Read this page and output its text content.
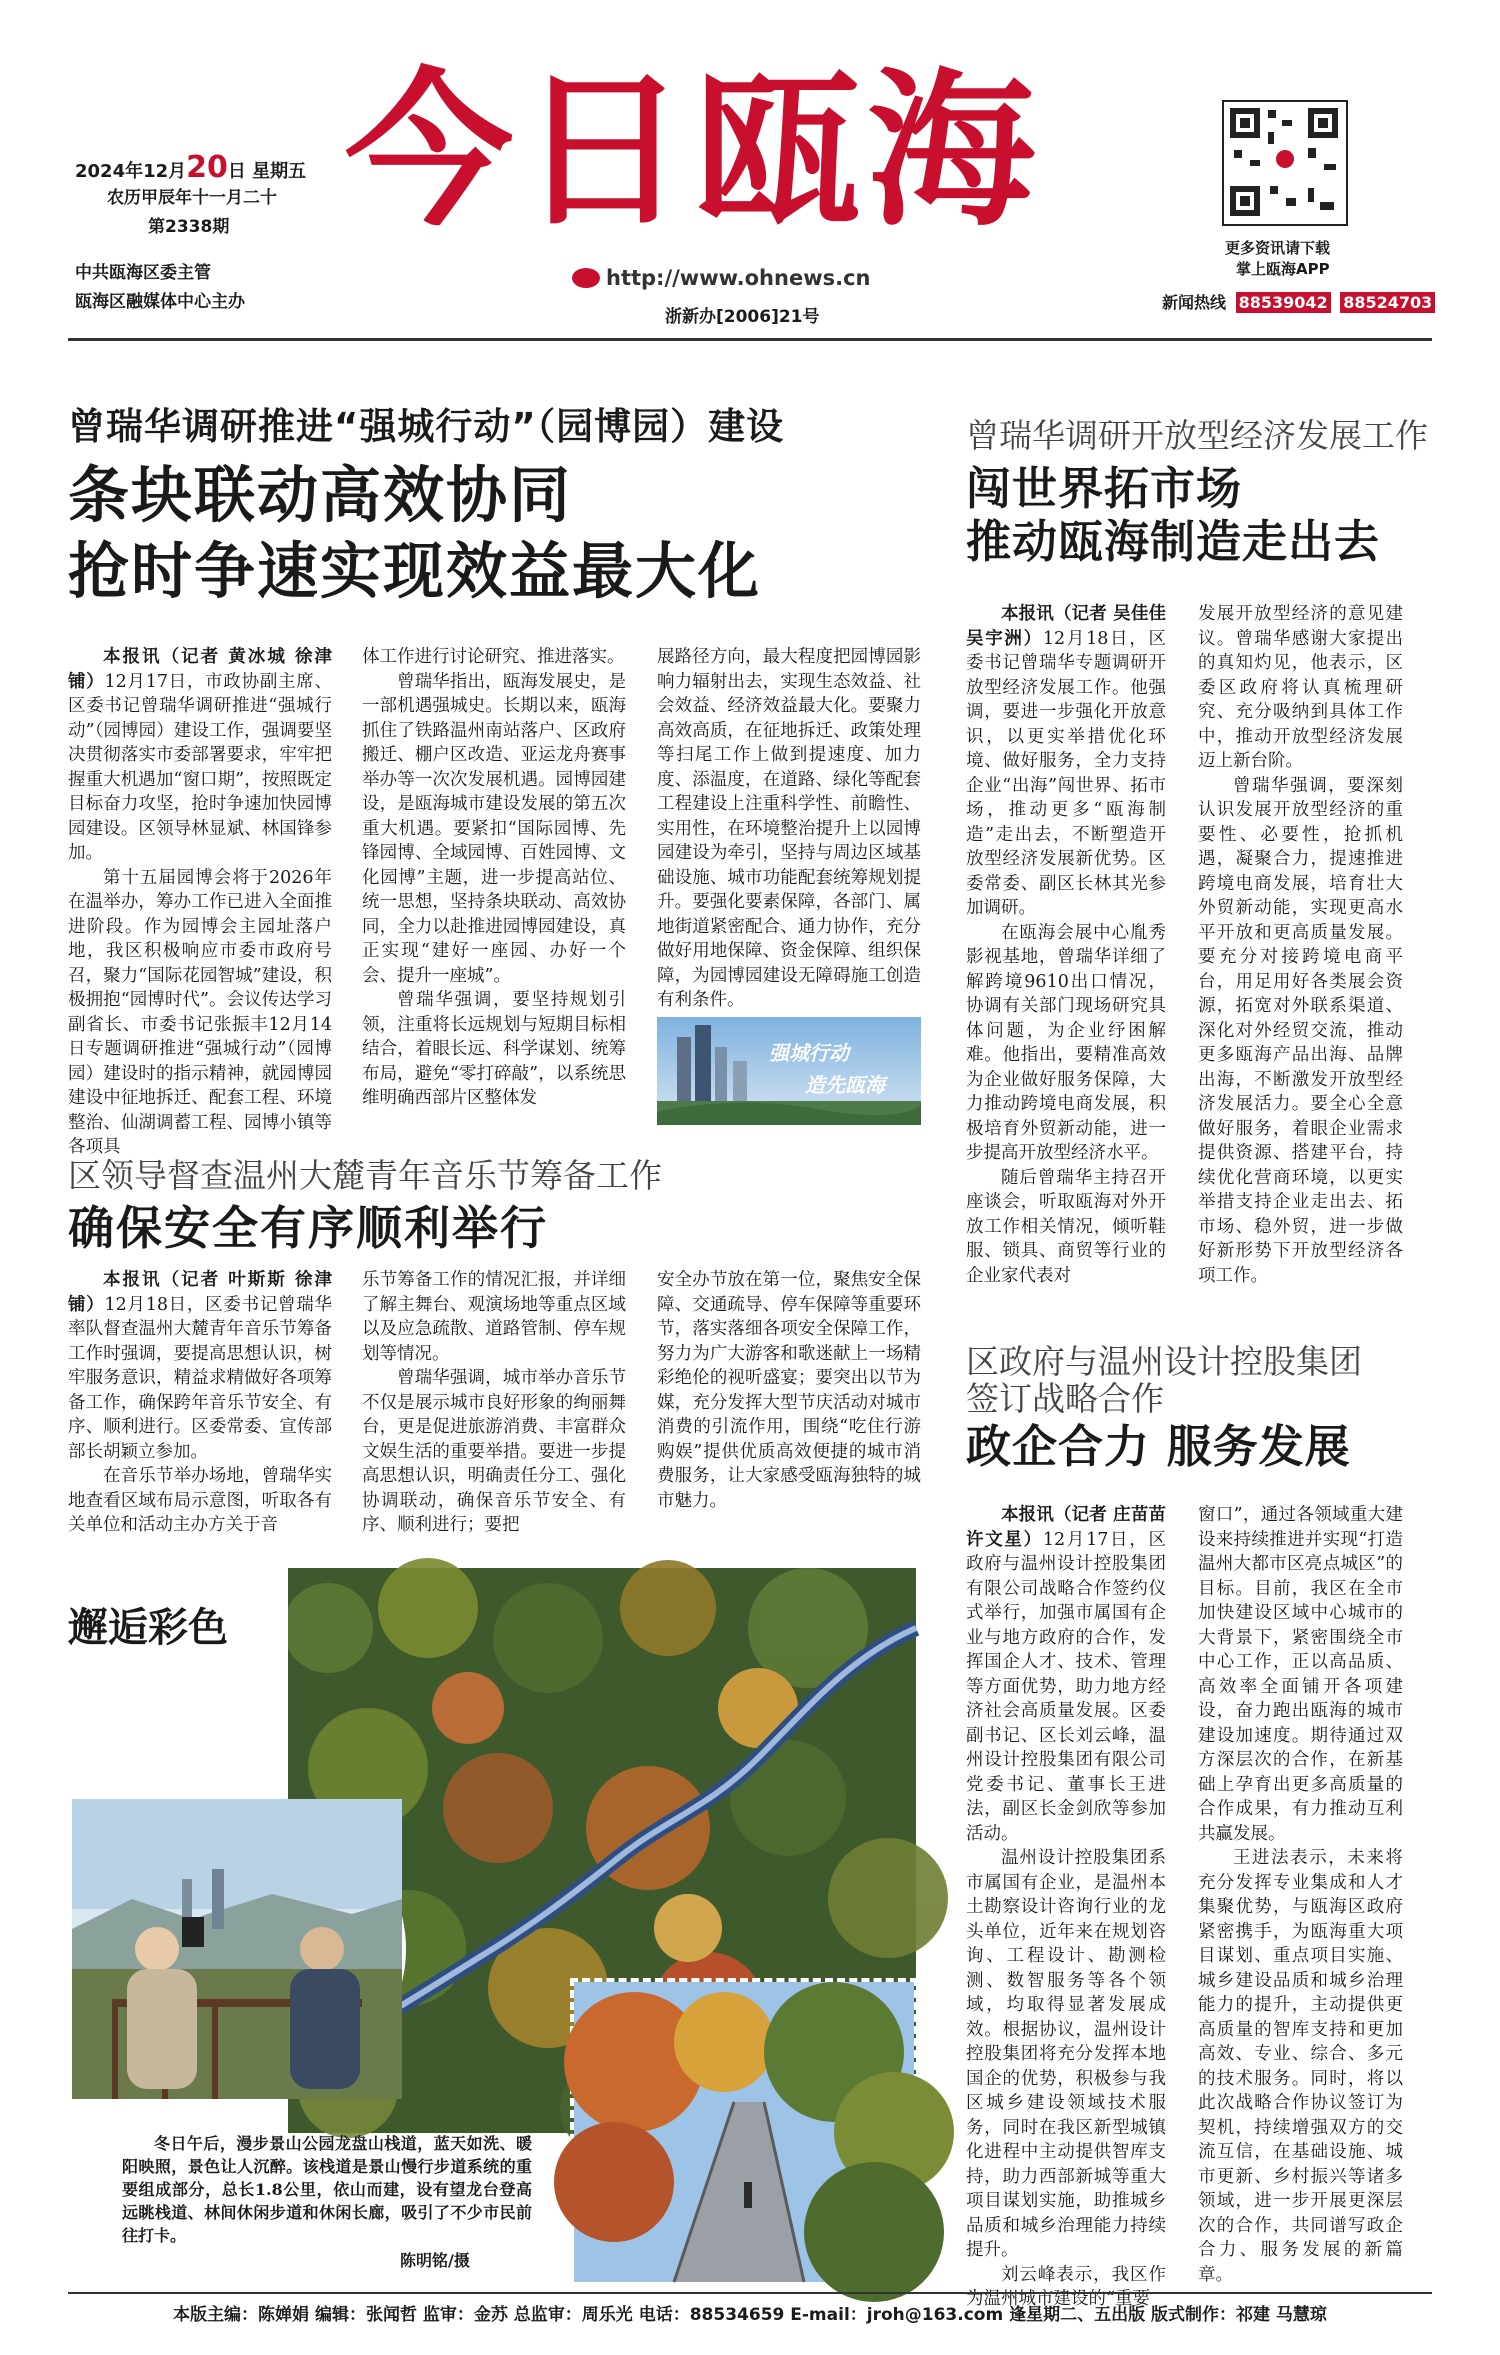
2024年12月20日 星期五
农历甲辰年十一月二十
第2338期
中共瓯海区委主管
瓯海区融媒体中心主办
今日瓯海
http://www.ohnews.cn
浙新办[2006]21号
更多资讯请下载
掌上瓯海APP
新闻热线 88539042 88524703
曾瑞华调研推进“强城行动”（园博园）建设
条块联动高效协同
抢时争速实现效益最大化

本报讯（记者 黄冰城 徐津铺）12月17日，市政协副主席、区委书记曾瑞华调研推进“强城行动”（园博园）建设工作，强调要坚决贯彻落实市委部署要求，牢牢把握重大机遇加“窗口期”，按照既定目标奋力攻坚，抢时争速加快园博园建设。区领导林显斌、林国锋参加。

第十五届园博会将于2026年在温举办，筹办工作已进入全面推进阶段。作为园博会主园址落户地，我区积极响应市委市政府号召，聚力“国际花园智城”建设，积极拥抱“园博时代”。会议传达学习副省长、市委书记张振丰12月14日专题调研推进“强城行动”（园博园）建设时的指示精神，就园博园建设中征地拆迁、配套工程、环境整治、仙湖调蓄工程、园博小镇等各项具

体工作进行讨论研究、推进落实。

曾瑞华指出，瓯海发展史，是一部机遇强城史。长期以来，瓯海抓住了铁路温州南站落户、区政府搬迁、棚户区改造、亚运龙舟赛事举办等一次次发展机遇。园博园建设，是瓯海城市建设发展的第五次重大机遇。要紧扣“国际园博、先锋园博、全域园博、百姓园博、文化园博”主题，进一步提高站位、统一思想，坚持条块联动、高效协同，全力以赴推进园博园建设，真正实现“建好一座园、办好一个会、提升一座城”。

曾瑞华强调，要坚持规划引领，注重将长远规划与短期目标相结合，着眼长远、科学谋划、统筹布局，避免“零打碎敲”，以系统思维明确西部片区整体发

展路径方向，最大程度把园博园影响力辐射出去，实现生态效益、社会效益、经济效益最大化。要聚力高效高质，在征地拆迁、政策处理等扫尾工作上做到提速度、加力度、添温度，在道路、绿化等配套工程建设上注重科学性、前瞻性、实用性，在环境整治提升上以园博园建设为牵引，坚持与周边区域基础设施、城市功能配套统筹规划提升。要强化要素保障，各部门、属地街道紧密配合、通力协作，充分做好用地保障、资金保障、组织保障，为园博园建设无障碍施工创造有利条件。

强城行动
造先瓯海
曾瑞华调研开放型经济发展工作
闯世界拓市场
推动瓯海制造走出去

本报讯（记者 吴佳佳 吴宇洲）12月18日，区委书记曾瑞华专题调研开放型经济发展工作。他强调，要进一步强化开放意识，以更实举措优化环境、做好服务，全力支持企业“出海”闯世界、拓市场，推动更多“瓯海制造”走出去，不断塑造开放型经济发展新优势。区委常委、副区长林其光参加调研。

在瓯海会展中心胤秀影视基地，曾瑞华详细了解跨境9610出口情况，协调有关部门现场研究具体问题，为企业纾困解难。他指出，要精准高效为企业做好服务保障，大力推动跨境电商发展，积极培育外贸新动能，进一步提高开放型经济水平。

随后曾瑞华主持召开座谈会，听取瓯海对外开放工作相关情况，倾听鞋服、锁具、商贸等行业的企业家代表对

发展开放型经济的意见建议。曾瑞华感谢大家提出的真知灼见，他表示，区委区政府将认真梳理研究、充分吸纳到具体工作中，推动开放型经济发展迈上新台阶。

曾瑞华强调，要深刻认识发展开放型经济的重要性、必要性，抢抓机遇，凝聚合力，提速推进跨境电商发展，培育壮大外贸新动能，实现更高水平开放和更高质量发展。要充分对接跨境电商平台，用足用好各类展会资源，拓宽对外联系渠道、深化对外经贸交流，推动更多瓯海产品出海、品牌出海，不断激发开放型经济发展活力。要全心全意做好服务，着眼企业需求提供资源、搭建平台，持续优化营商环境，以更实举措支持企业走出去、拓市场、稳外贸，进一步做好新形势下开放型经济各项工作。

区领导督查温州大麓青年音乐节筹备工作
确保安全有序顺利举行

本报讯（记者 叶斯斯 徐津铺）12月18日，区委书记曾瑞华率队督查温州大麓青年音乐节筹备工作时强调，要提高思想认识，树牢服务意识，精益求精做好各项筹备工作，确保跨年音乐节安全、有序、顺利进行。区委常委、宣传部部长胡颖立参加。

在音乐节举办场地，曾瑞华实地查看区域布局示意图，听取各有关单位和活动主办方关于音

乐节筹备工作的情况汇报，并详细了解主舞台、观演场地等重点区域以及应急疏散、道路管制、停车规划等情况。

曾瑞华强调，城市举办音乐节不仅是展示城市良好形象的绚丽舞台，更是促进旅游消费、丰富群众文娱生活的重要举措。要进一步提高思想认识，明确责任分工、强化协调联动，确保音乐节安全、有序、顺利进行；要把

安全办节放在第一位，聚焦安全保障、交通疏导、停车保障等重要环节，落实落细各项安全保障工作，努力为广大游客和歌迷献上一场精彩绝伦的视听盛宴；要突出以节为媒，充分发挥大型节庆活动对城市消费的引流作用，围绕“吃住行游购娱”提供优质高效便捷的城市消费服务，让大家感受瓯海独特的城市魅力。

邂逅彩色
冬日午后，漫步景山公园龙盘山栈道，蓝天如洗、暖阳映照，景色让人沉醉。该栈道是景山慢行步道系统的重要组成部分，总长1.8公里，依山而建，设有望龙台登高远眺栈道、林间休闲步道和休闲长廊，吸引了不少市民前往打卡。
陈明铭/摄
区政府与温州设计控股集团
签订战略合作
政企合力 服务发展

本报讯（记者 庄苗苗 许文星）12月17日，区政府与温州设计控股集团有限公司战略合作签约仪式举行，加强市属国有企业与地方政府的合作，发挥国企人才、技术、管理等方面优势，助力地方经济社会高质量发展。区委副书记、区长刘云峰，温州设计控股集团有限公司党委书记、董事长王进法，副区长金剑欣等参加活动。

温州设计控股集团系市属国有企业，是温州本土勘察设计咨询行业的龙头单位，近年来在规划咨询、工程设计、勘测检测、数智服务等各个领域，均取得显著发展成效。根据协议，温州设计控股集团将充分发挥本地国企的优势，积极参与我区城乡建设领域技术服务，同时在我区新型城镇化进程中主动提供智库支持，助力西部新城等重大项目谋划实施，助推城乡品质和城乡治理能力持续提升。

刘云峰表示，我区作为温州城市建设的“重要

窗口”，通过各领域重大建设来持续推进并实现“打造温州大都市区亮点城区”的目标。目前，我区在全市加快建设区域中心城市的大背景下，紧密围绕全市中心工作，正以高品质、高效率全面铺开各项建设，奋力跑出瓯海的城市建设加速度。期待通过双方深层次的合作，在新基础上孕育出更多高质量的合作成果，有力推动互利共赢发展。

王进法表示，未来将充分发挥专业集成和人才集聚优势，与瓯海区政府紧密携手，为瓯海重大项目谋划、重点项目实施、城乡建设品质和城乡治理能力的提升，主动提供更高质量的智库支持和更加高效、专业、综合、多元的技术服务。同时，将以此次战略合作协议签订为契机，持续增强双方的交流互信，在基础设施、城市更新、乡村振兴等诸多领域，进一步开展更深层次的合作，共同谱写政企合力、服务发展的新篇章。

本版主编：陈婵娟 编辑：张闻哲 监审：金苏 总监审：周乐光 电话：88534659 E-mail：jroh@163.com 逢星期二、五出版 版式制作：祁建 马慧琼
